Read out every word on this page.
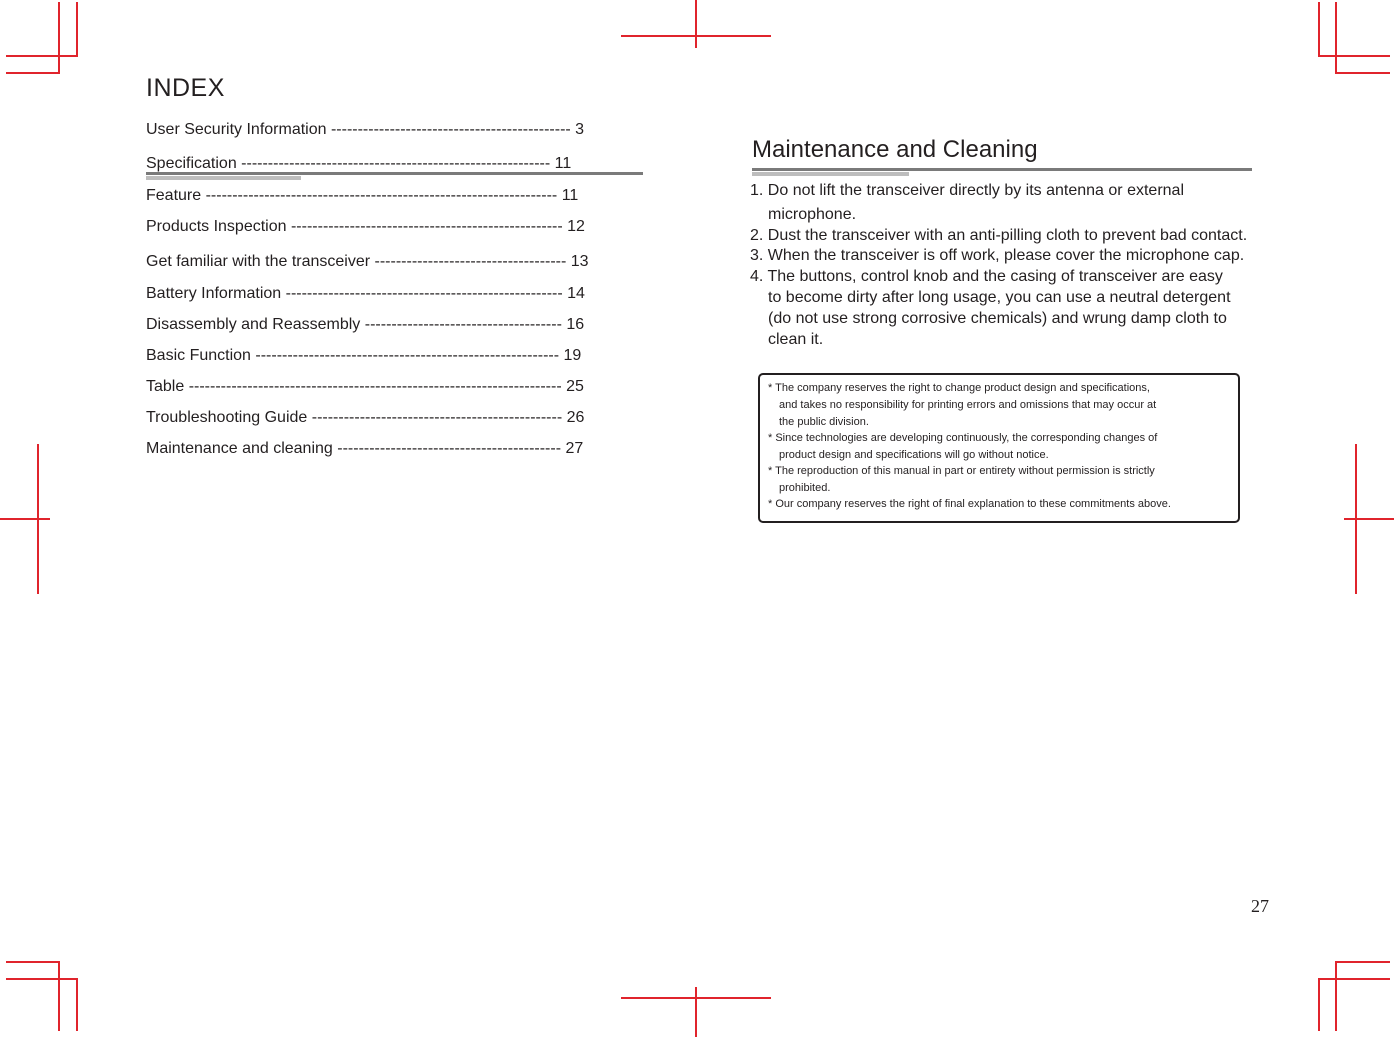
INDEX
User Security Information --------------------------------------------- 3
Specification ---------------------------------------------------------- 11
Feature ------------------------------------------------------------------ 11
Products Inspection --------------------------------------------------- 12
Get familiar with the transceiver ------------------------------------ 13
Battery Information ---------------------------------------------------- 14
Disassembly and Reassembly ------------------------------------- 16
Basic Function --------------------------------------------------------- 19
Table ---------------------------------------------------------------------- 25
Troubleshooting Guide ----------------------------------------------- 26
Maintenance and cleaning ------------------------------------------ 27
Maintenance and Cleaning
1. Do not lift the transceiver directly by its antenna or external
microphone.
2. Dust the transceiver with an anti-pilling cloth to prevent bad contact.
3. When the transceiver is off work, please cover the microphone cap.
4. The buttons, control knob and the casing of transceiver are easy
to become dirty after long usage, you can use a neutral detergent
(do not use strong corrosive chemicals) and wrung damp cloth to
clean it.
* The company reserves the right to change product design and specifications,
and takes no responsibility for printing errors and omissions that may occur at
the public division.
* Since technologies are developing continuously, the corresponding changes of
product design and specifications will go without notice.
* The reproduction of this manual in part or entirety without permission is strictly
prohibited.
* Our company reserves the right of final explanation to these commitments above.
27
